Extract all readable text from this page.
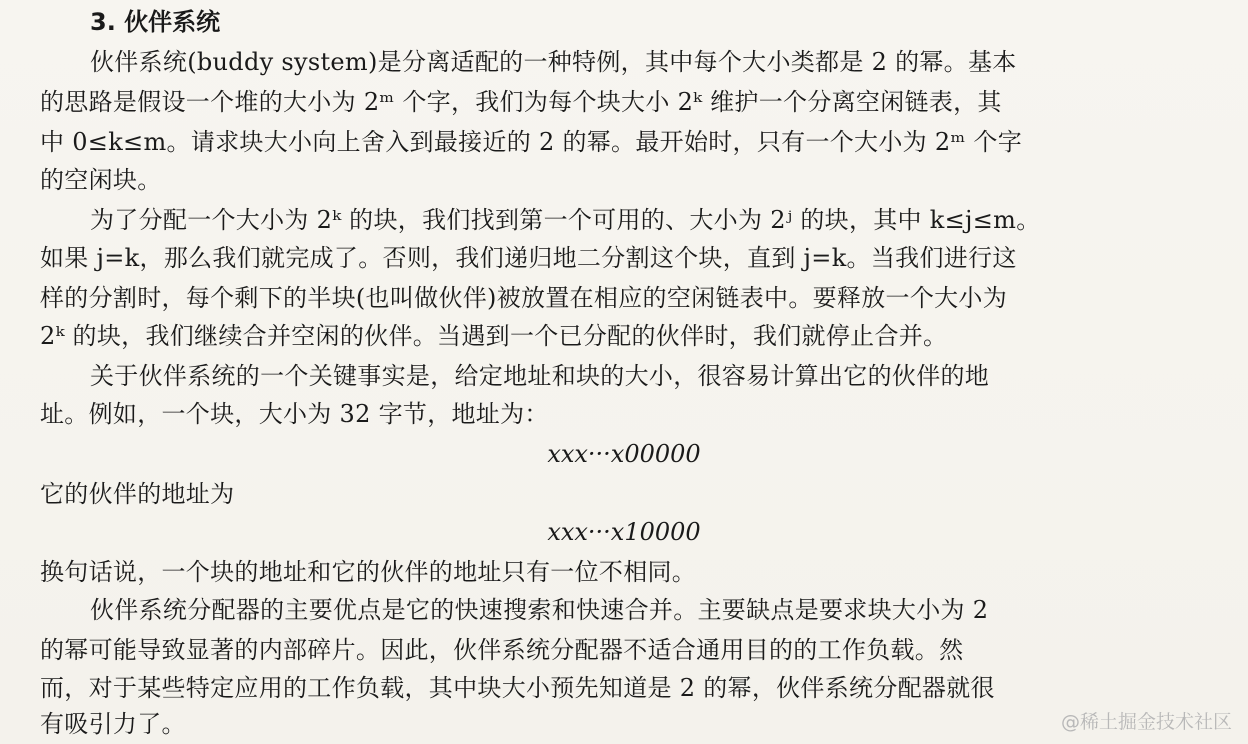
3. 伙伴系统
伙伴系统(buddy system)是分离适配的一种特例，其中每个大小类都是 2 的幂。基本
的思路是假设一个堆的大小为 2ᵐ 个字，我们为每个块大小 2ᵏ 维护一个分离空闲链表，其
中 0≤k≤m。请求块大小向上舍入到最接近的 2 的幂。最开始时，只有一个大小为 2ᵐ 个字
的空闲块。
为了分配一个大小为 2ᵏ 的块，我们找到第一个可用的、大小为 2ʲ 的块，其中 k≤j≤m。
如果 j=k，那么我们就完成了。否则，我们递归地二分割这个块，直到 j=k。当我们进行这
样的分割时，每个剩下的半块(也叫做伙伴)被放置在相应的空闲链表中。要释放一个大小为
2ᵏ 的块，我们继续合并空闲的伙伴。当遇到一个已分配的伙伴时，我们就停止合并。
关于伙伴系统的一个关键事实是，给定地址和块的大小，很容易计算出它的伙伴的地
址。例如，一个块，大小为 32 字节，地址为：
xxx···x00000
它的伙伴的地址为
xxx···x10000
换句话说，一个块的地址和它的伙伴的地址只有一位不相同。
伙伴系统分配器的主要优点是它的快速搜索和快速合并。主要缺点是要求块大小为 2
的幂可能导致显著的内部碎片。因此，伙伴系统分配器不适合通用目的的工作负载。然
而，对于某些特定应用的工作负载，其中块大小预先知道是 2 的幂，伙伴系统分配器就很
有吸引力了。	@稀土掘金技术社区
